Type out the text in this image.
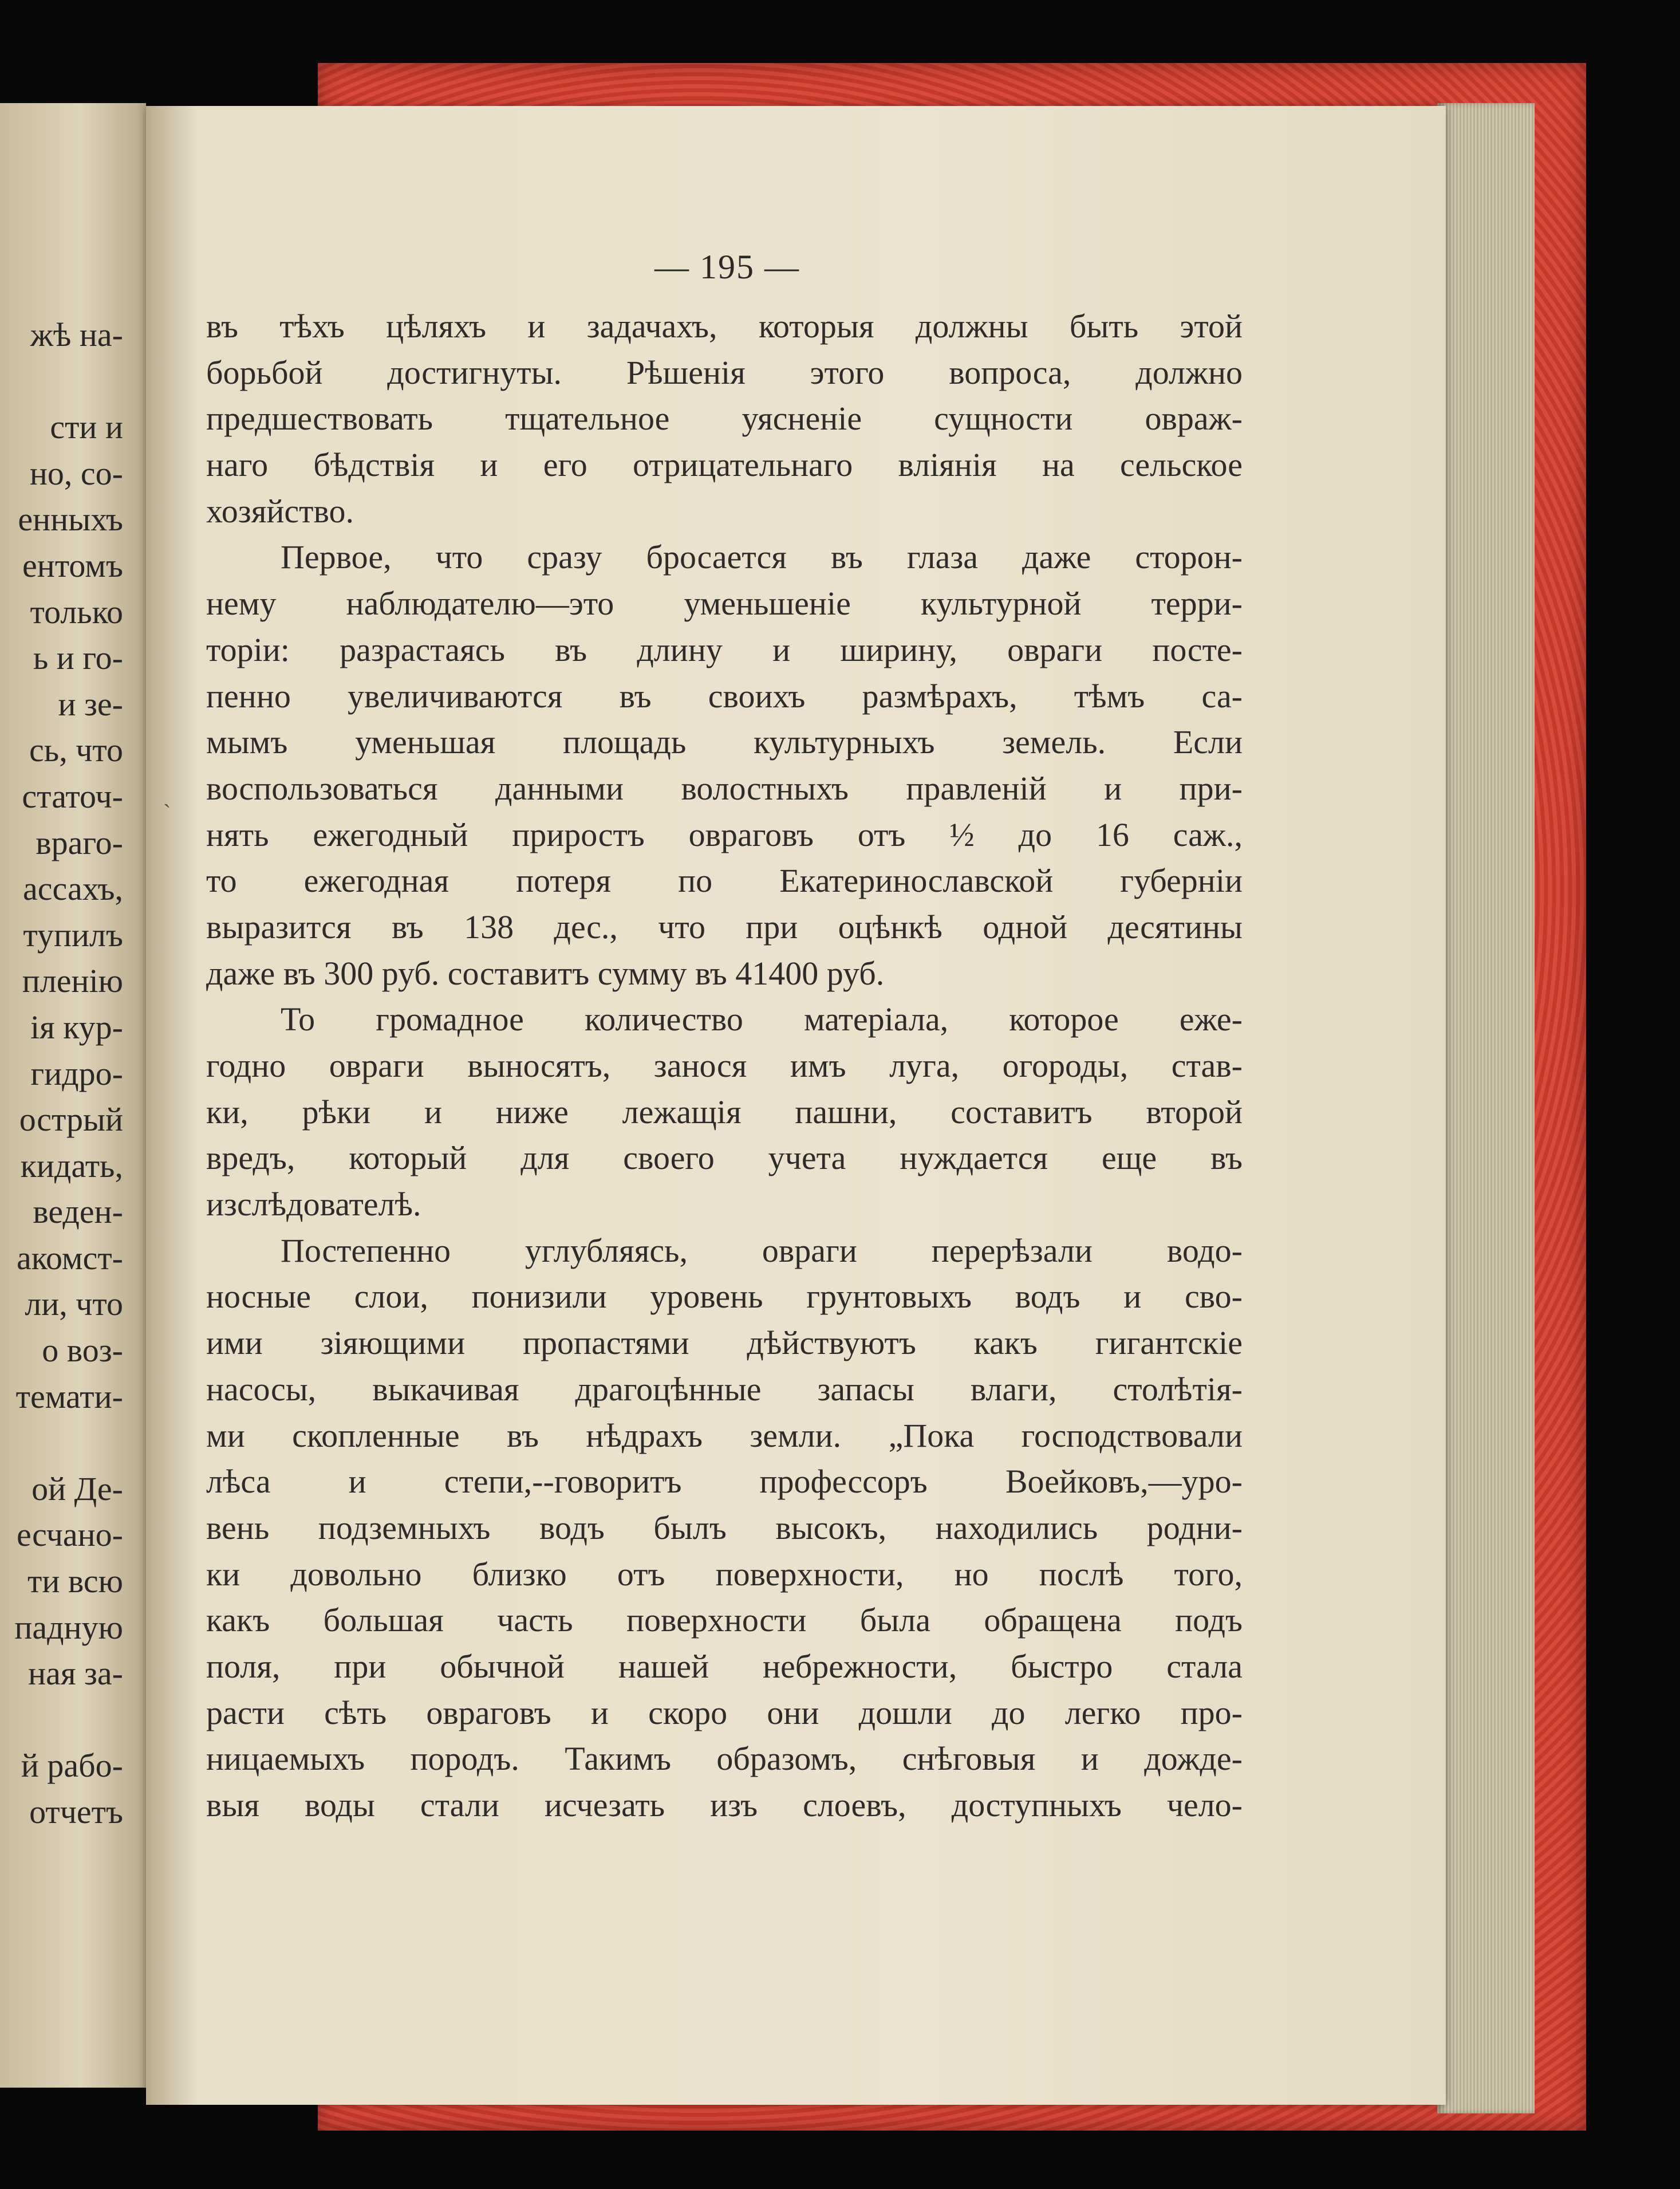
жѣ на-
сти и
но, со-
енныхъ
ентомъ
только
ь и го-
и зе-
сь, что
статоч-
враго-
ассахъ,
тупилъ
пленію
ія кур-
гидро-
острый
кидать,
веден-
акомст-
ли, что
о воз-
темати-
ой Де-
есчано-
ти всю
падную
ная за-
й рабо-
отчетъ
— 195 —
ˋ
въ тѣхъ цѣляхъ и задачахъ, которыя должны быть этой
борьбой достигнуты. Рѣшенія этого вопроса, должно
предшествовать тщательное уясненіе сущности овраж-
наго бѣдствія и его отрицательнаго вліянія на сельское
хозяйство.
Первое, что сразу бросается въ глаза даже сторон-
нему наблюдателю—это уменьшеніе культурной терри-
торіи: разрастаясь въ длину и ширину, овраги посте-
пенно увеличиваются въ своихъ размѣрахъ, тѣмъ са-
мымъ уменьшая площадь культурныхъ земель. Если
воспользоваться данными волостныхъ правленій и при-
нять ежегодный приростъ овраговъ отъ ½ до 16 саж.,
то ежегодная потеря по Екатеринославской губерніи
выразится въ 138 дес., что при оцѣнкѣ одной десятины
даже въ 300 руб. составитъ сумму въ 41400 руб.
То громадное количество матеріала, которое еже-
годно овраги выносятъ, занося имъ луга, огороды, став-
ки, рѣки и ниже лежащія пашни, составитъ второй
вредъ, который для своего учета нуждается еще въ
изслѣдователѣ.
Постепенно углубляясь, овраги перерѣзали водо-
носные слои, понизили уровень грунтовыхъ водъ и сво-
ими зіяющими пропастями дѣйствуютъ какъ гигантскіе
насосы, выкачивая драгоцѣнные запасы влаги, столѣтія-
ми скопленные въ нѣдрахъ земли. „Пока господствовали
лѣса и степи,--говоритъ профессоръ Воейковъ,—уро-
вень подземныхъ водъ былъ высокъ, находились родни-
ки довольно близко отъ поверхности, но послѣ того,
какъ большая часть поверхности была обращена подъ
поля, при обычной нашей небрежности, быстро стала
расти сѣть овраговъ и скоро они дошли до легко про-
ницаемыхъ породъ. Такимъ образомъ, снѣговыя и дожде-
выя воды стали исчезать изъ слоевъ, доступныхъ чело-
